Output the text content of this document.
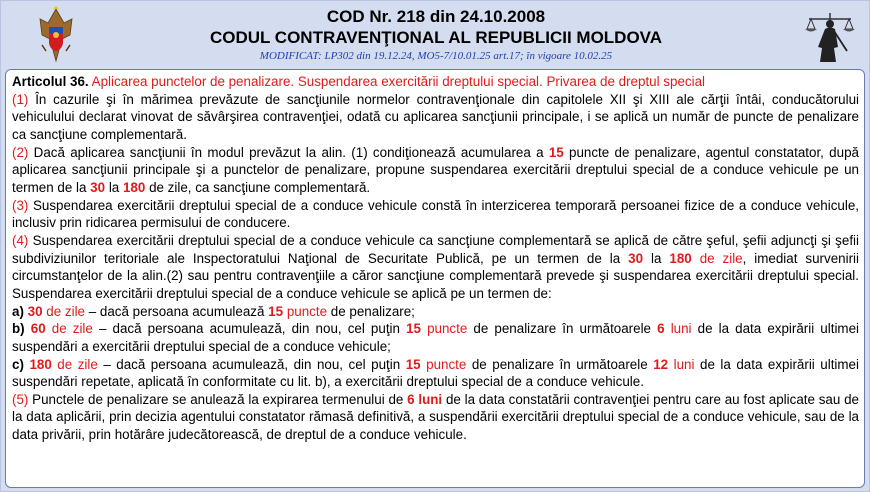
COD Nr. 218 din 24.10.2008
CODUL CONTRAVENŢIONAL AL REPUBLICII MOLDOVA
MODIFICAT: LP302 din 19.12.24, MO5-7/10.01.25 art.17; în vigoare 10.02.25

Articolul 36. Aplicarea punctelor de penalizare. Suspendarea exercitării dreptului special. Privarea de dreptul special

(1) În cazurile şi în mărimea prevăzute de sancţiunile normelor contravenţionale din capitolele XII şi XIII ale cărţii întâi, conducătorului vehiculului declarat vinovat de săvârşirea contravenţiei, odată cu aplicarea sancţiunii principale, i se aplică un număr de puncte de penalizare ca sancţiune complementară.

(2) Dacă aplicarea sancţiunii în modul prevăzut la alin. (1) condiţionează acumularea a 15 puncte de penalizare, agentul constatator, după aplicarea sancţiunii principale şi a punctelor de penalizare, propune suspendarea exercitării dreptului special de a conduce vehicule pe un termen de la 30 la 180 de zile, ca sancţiune complementară.

(3) Suspendarea exercitării dreptului special de a conduce vehicule constă în interzicerea temporară persoanei fizice de a conduce vehicule, inclusiv prin ridicarea permisului de conducere.

(4) Suspendarea exercitării dreptului special de a conduce vehicule ca sancţiune complementară se aplică de către şeful, şefii adjuncţi şi şefii subdiviziunilor teritoriale ale Inspectoratului Naţional de Securitate Publică, pe un termen de la 30 la 180 de zile, imediat survenirii circumstanţelor de la alin.(2) sau pentru contravenţiile a căror sancţiune complementară prevede şi suspendarea exercitării dreptului special. Suspendarea exercitării dreptului special de a conduce vehicule se aplică pe un termen de:

a) 30 de zile – dacă persoana acumulează 15 puncte de penalizare;

b) 60 de zile – dacă persoana acumulează, din nou, cel puţin 15 puncte de penalizare în următoarele 6 luni de la data expirării ultimei suspendări a exercitării dreptului special de a conduce vehicule;

c) 180 de zile – dacă persoana acumulează, din nou, cel puţin 15 puncte de penalizare în următoarele 12 luni de la data expirării ultimei suspendări repetate, aplicată în conformitate cu lit. b), a exercitării dreptului special de a conduce vehicule.

(5) Punctele de penalizare se anulează la expirarea termenului de 6 luni de la data constatării contravenţiei pentru care au fost aplicate sau de la data aplicării, prin decizia agentului constatator rămasă definitivă, a suspendării exercitării dreptului special de a conduce vehicule, sau de la data privării, prin hotărâre judecătorească, de dreptul de a conduce vehicule.
